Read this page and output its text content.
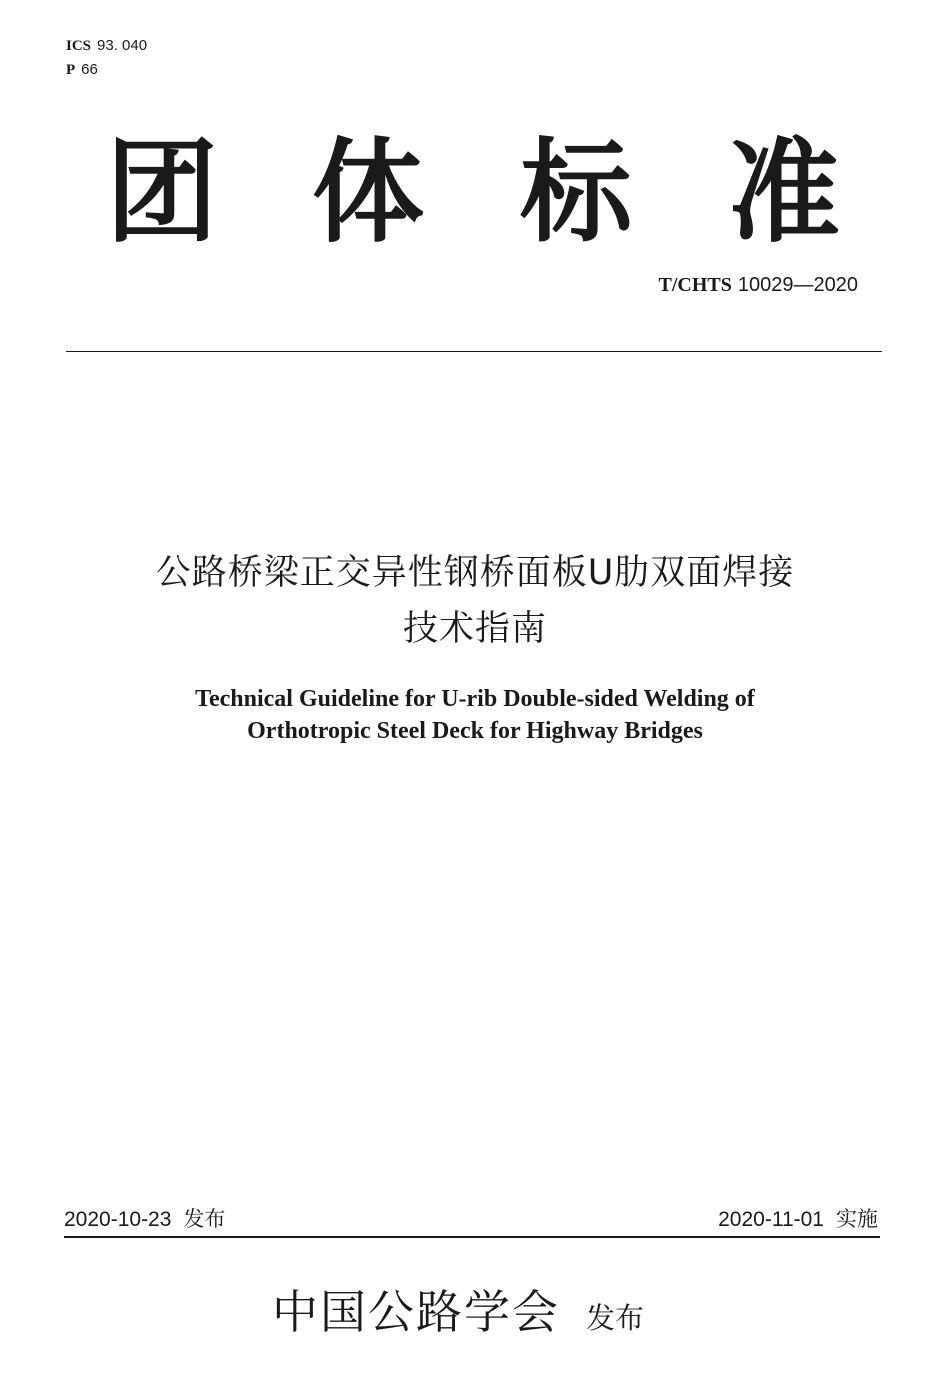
ICS 93. 040
P 66
团 体 标 准
T/CHTS 10029—2020
公路桥梁正交异性钢桥面板U肋双面焊接
技术指南
Technical Guideline for U-rib Double-sided Welding of
Orthotropic Steel Deck for Highway Bridges
2020-10-23 发布	2020-11-01 实施
中国公路学会 发布
